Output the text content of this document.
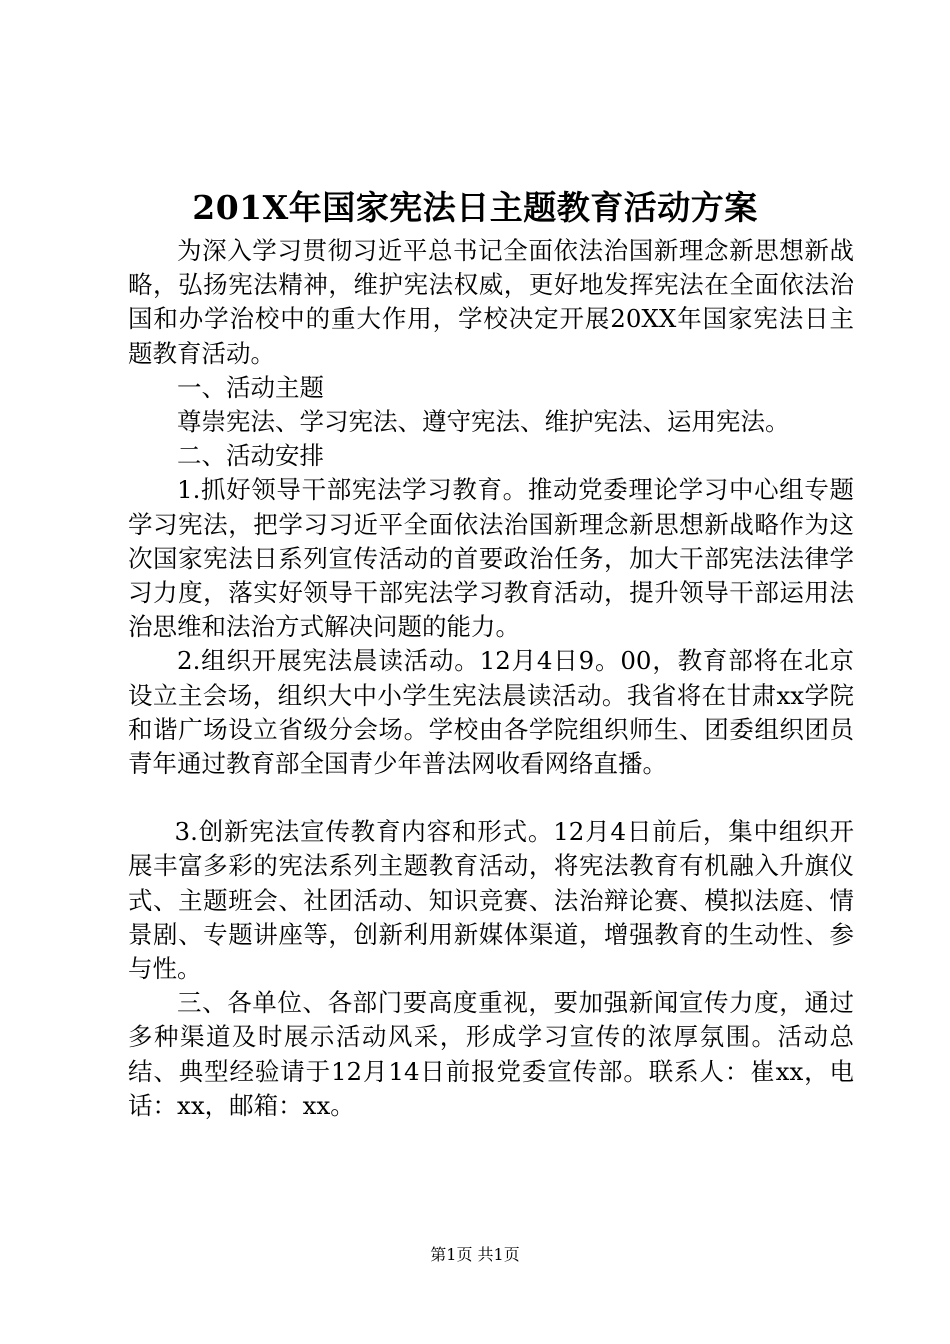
201X年国家宪法日主题教育活动方案

为深入学习贯彻习近平总书记全面依法治国新理念新思想新战略，弘扬宪法精神，维护宪法权威，更好地发挥宪法在全面依法治国和办学治校中的重大作用，学校决定开展20XX年国家宪法日主题教育活动。

一、活动主题

尊崇宪法、学习宪法、遵守宪法、维护宪法、运用宪法。

二、活动安排

1.抓好领导干部宪法学习教育。推动党委理论学习中心组专题学习宪法，把学习习近平全面依法治国新理念新思想新战略作为这次国家宪法日系列宣传活动的首要政治任务，加大干部宪法法律学习力度，落实好领导干部宪法学习教育活动，提升领导干部运用法治思维和法治方式解决问题的能力。

2.组织开展宪法晨读活动。12月4日9。00，教育部将在北京设立主会场，组织大中小学生宪法晨读活动。我省将在甘肃xx学院和谐广场设立省级分会场。学校由各学院组织师生、团委组织团员青年通过教育部全国青少年普法网收看网络直播。

3.创新宪法宣传教育内容和形式。12月4日前后，集中组织开展丰富多彩的宪法系列主题教育活动，将宪法教育有机融入升旗仪式、主题班会、社团活动、知识竞赛、法治辩论赛、模拟法庭、情景剧、专题讲座等，创新利用新媒体渠道，增强教育的生动性、参与性。

三、各单位、各部门要高度重视，要加强新闻宣传力度，通过多种渠道及时展示活动风采，形成学习宣传的浓厚氛围。活动总结、典型经验请于12月14日前报党委宣传部。联系人：崔xx，电话：xx，邮箱：xx。

第1页 共1页
